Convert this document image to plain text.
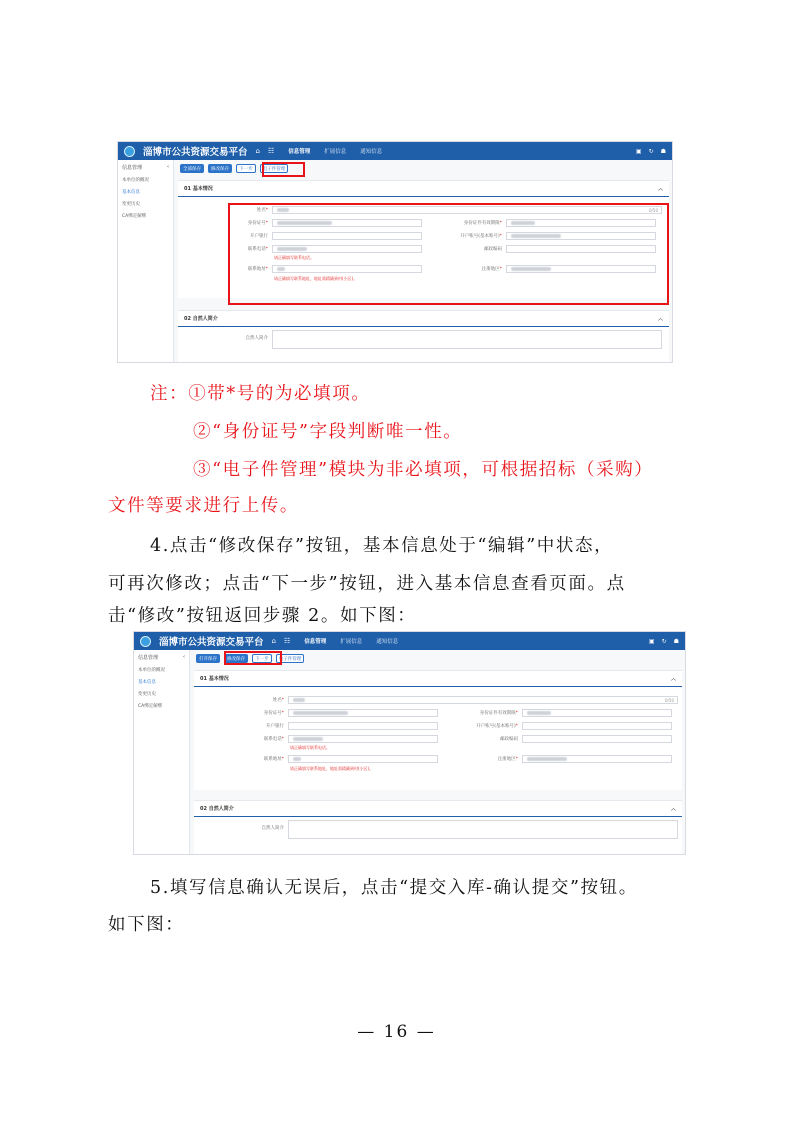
淄博市公共资源交易平台 ⌂ ☷	信息管理	扩展信息	通知信息	▣ ↻ ☗
信息管理	‹
本单位的概况
基本信息
变更历史
CA绑定解绑
全部保存	修改保存	下一步	电子件管理
01 基本情况	︿
姓名*	0/50
身份证号*	身份证件有效期限*
开户银行	开户账号(基本账号)*
联系电话*	邮政编码
请正确填写联系电话。
联系地址*	注册地区*
请正确填写联系地址，地址需精确到村(小区)。
02 自然人简介	︿
自然人简介
注：①带*号的为必填项。
②“身份证号”字段判断唯一性。
③“电子件管理”模块为非必填项，可根据招标（采购）
文件等要求进行上传。
4.点击“修改保存”按钮，基本信息处于“编辑”中状态，
可再次修改；点击“下一步”按钮，进入基本信息查看页面。点
击“修改”按钮返回步骤 2。如下图：
淄博市公共资源交易平台 ⌂ ☷	信息管理	扩展信息	通知信息	▣ ↻ ☗
信息管理	‹
本单位的概况
基本信息
变更历史
CA绑定解绑
打开保存	修改保存	下一步	电子件管理
01 基本情况	︿
姓名*	0/50
身份证号*	身份证件有效期限*
开户银行	开户账号(基本账号)*
联系电话*	邮政编码
请正确填写联系电话。
联系地址*	注册地区*
请正确填写联系地址，地址需精确到村(小区)。
02 自然人简介	︿
自然人简介
5.填写信息确认无误后，点击“提交入库-确认提交”按钮。
如下图：
— 16 —
